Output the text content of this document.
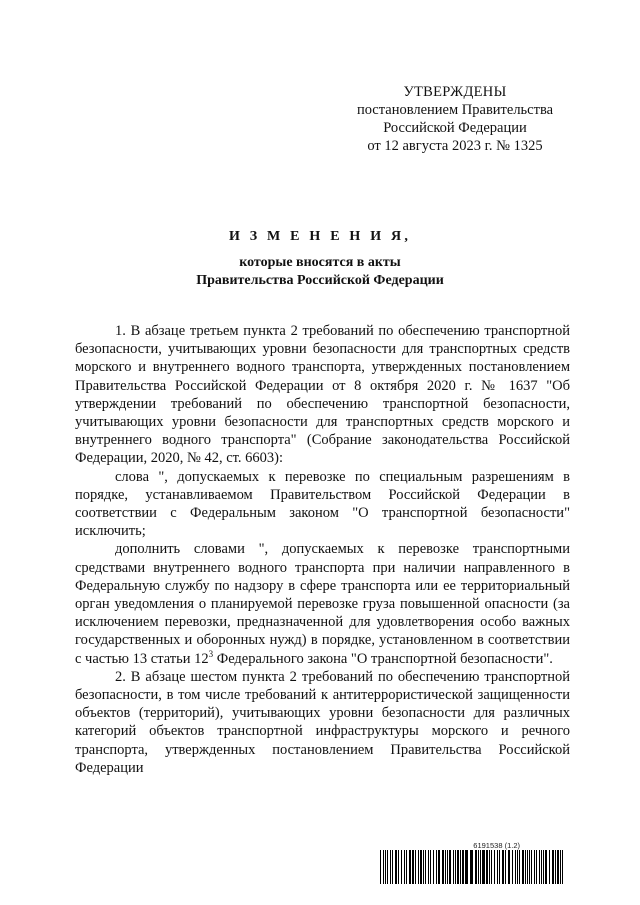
УТВЕРЖДЕНЫ
постановлением Правительства
Российской Федерации
от 12 августа 2023 г. № 1325
И З М Е Н Е Н И Я,
которые вносятся в акты
Правительства Российской Федерации

1. В абзаце третьем пункта 2 требований по обеспечению транспортной безопасности, учитывающих уровни безопасности для транспортных средств морского и внутреннего водного транспорта, утвержденных постановлением Правительства Российской Федерации от 8 октября 2020 г. № 1637 "Об утверждении требований по обеспечению транспортной безопасности, учитывающих уровни безопасности для транспортных средств морского и внутреннего водного транспорта" (Собрание законодательства Российской Федерации, 2020, № 42, ст. 6603):

слова ", допускаемых к перевозке по специальным разрешениям в порядке, устанавливаемом Правительством Российской Федерации в соответствии с Федеральным законом "О транспортной безопасности" исключить;

дополнить словами ", допускаемых к перевозке транспортными средствами внутреннего водного транспорта при наличии направленного в Федеральную службу по надзору в сфере транспорта или ее территориальный орган уведомления о планируемой перевозке груза повышенной опасности (за исключением перевозки, предназначенной для удовлетворения особо важных государственных и оборонных нужд) в порядке, установленном в соответствии с частью 13 статьи $12^3$ Федерального закона "О транспортной безопасности".

2. В абзаце шестом пункта 2 требований по обеспечению транспортной безопасности, в том числе требований к антитеррористической защищенности объектов (территорий), учитывающих уровни безопасности для различных категорий объектов транспортной инфраструктуры морского и речного транспорта, утвержденных постановлением Правительства Российской Федерации

6191538 (1.2)
